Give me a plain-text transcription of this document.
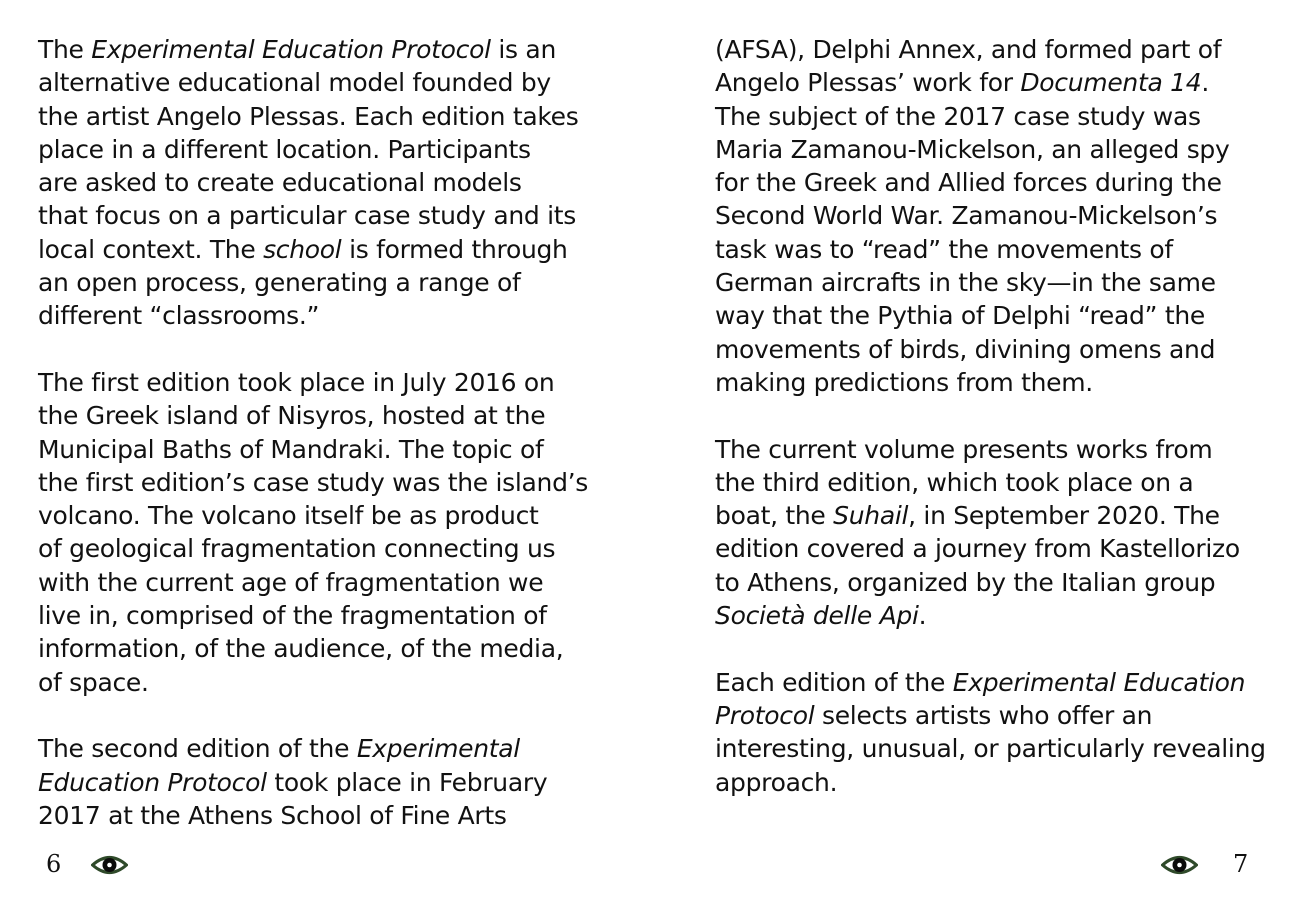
The Experimental Education Protocol is an
alternative educational model founded by
the artist Angelo Plessas. Each edition takes
place in a different location. Participants
are asked to create educational models
that focus on a particular case study and its
local context. The school is formed through
an open process, generating a range of
different “classrooms.”

The first edition took place in July 2016 on
the Greek island of Nisyros, hosted at the
Municipal Baths of Mandraki. The topic of
the first edition’s case study was the island’s
volcano. The volcano itself be as product
of geological fragmentation connecting us
with the current age of fragmentation we
live in, comprised of the fragmentation of
information, of the audience, of the media,
of space.

The second edition of the Experimental
Education Protocol took place in February
2017 at the Athens School of Fine Arts

(AFSA), Delphi Annex, and formed part of
Angelo Plessas’ work for Documenta 14.
The subject of the 2017 case study was
Maria Zamanou-Mickelson, an alleged spy
for the Greek and Allied forces during the
Second World War. Zamanou-Mickelson’s
task was to “read” the movements of
German aircrafts in the sky—in the same
way that the Pythia of Delphi “read” the
movements of birds, divining omens and
making predictions from them.

The current volume presents works from
the third edition, which took place on a
boat, the Suhail, in September 2020. The
edition covered a journey from Kastellorizo
to Athens, organized by the Italian group
Società delle Api.

Each edition of the Experimental Education
Protocol selects artists who offer an
interesting, unusual, or particularly revealing
approach.

6	7
